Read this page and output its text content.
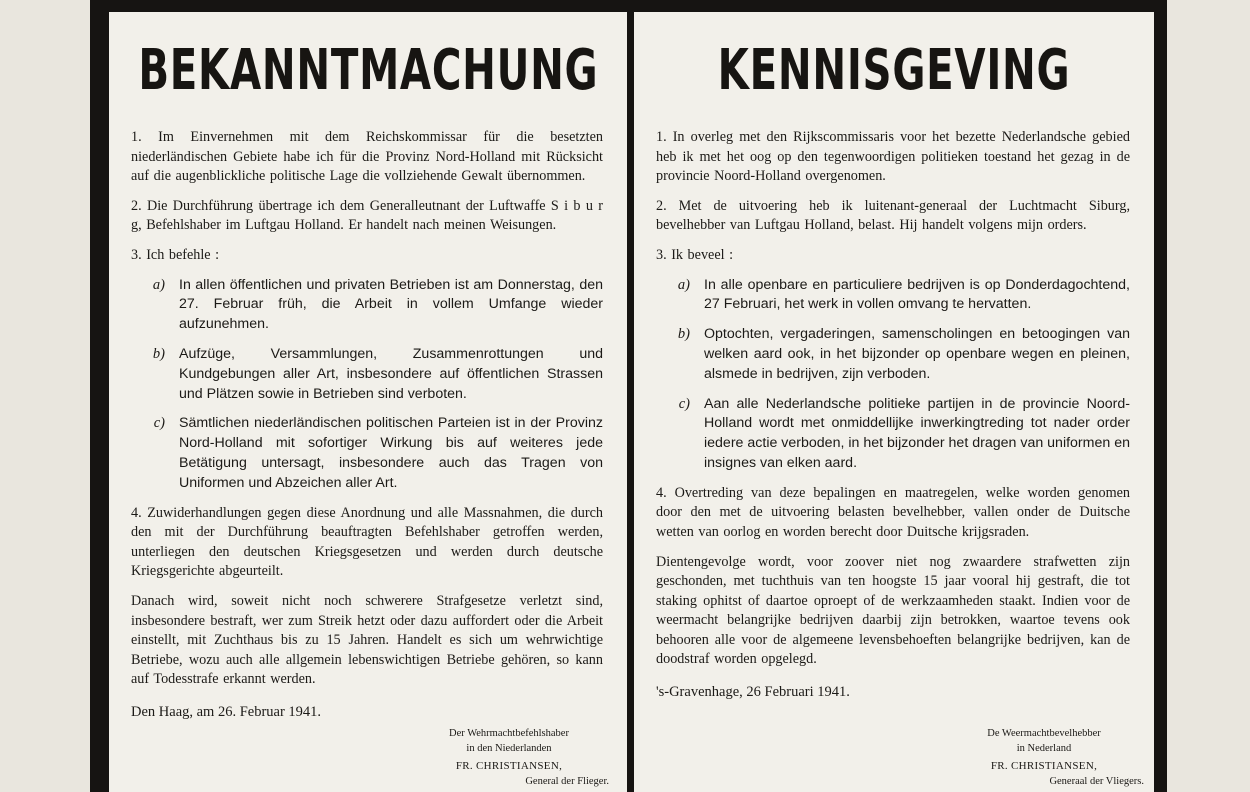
BEKANNTMACHUNG

1. Im Einvernehmen mit dem Reichskommissar für die besetzten niederländischen Gebiete habe ich für die Provinz Nord-Holland mit Rücksicht auf die augenblickliche politische Lage die vollziehende Gewalt übernommen.

2. Die Durchführung übertrage ich dem Generalleutnant der Luftwaffe S i b u r g, Befehlshaber im Luftgau Holland. Er handelt nach meinen Weisungen.

3. Ich befehle :

a) In allen öffentlichen und privaten Betrieben ist am Donnerstag, den 27. Februar früh, die Arbeit in vollem Umfange wieder aufzunehmen.
b) Aufzüge, Versammlungen, Zusammenrottungen und Kundgebungen aller Art, insbesondere auf öffentlichen Strassen und Plätzen sowie in Betrieben sind verboten.
c) Sämtlichen niederländischen politischen Parteien ist in der Provinz Nord-Holland mit sofortiger Wirkung bis auf weiteres jede Betätigung untersagt, insbesondere auch das Tragen von Uniformen und Abzeichen aller Art.

4. Zuwiderhandlungen gegen diese Anordnung und alle Massnahmen, die durch den mit der Durchführung beauftragten Befehlshaber getroffen werden, unterliegen den deutschen Kriegsgesetzen und werden durch deutsche Kriegsgerichte abgeurteilt.

Danach wird, soweit nicht noch schwerere Strafgesetze verletzt sind, insbesondere bestraft, wer zum Streik hetzt oder dazu auffordert oder die Arbeit einstellt, mit Zuchthaus bis zu 15 Jahren. Handelt es sich um wehrwichtige Betriebe, wozu auch alle allgemein lebenswichtigen Betriebe gehören, so kann auf Todesstrafe erkannt werden.

Den Haag, am 26. Februar 1941.
Der Wehrmachtbefehlshaber
in den Niederlanden
FR. CHRISTIANSEN,
General der Flieger.
KENNISGEVING

1. In overleg met den Rijkscommissaris voor het bezette Nederlandsche gebied heb ik met het oog op den tegenwoordigen politieken toestand het gezag in de provincie Noord-Holland overgenomen.

2. Met de uitvoering heb ik luitenant-generaal der Luchtmacht Siburg, bevelhebber van Luftgau Holland, belast. Hij handelt volgens mijn orders.

3. Ik beveel :

a) In alle openbare en particuliere bedrijven is op Donderdagochtend, 27 Februari, het werk in vollen omvang te hervatten.
b) Optochten, vergaderingen, samenscholingen en betoogingen van welken aard ook, in het bijzonder op openbare wegen en pleinen, alsmede in bedrijven, zijn verboden.
c) Aan alle Nederlandsche politieke partijen in de provincie Noord-Holland wordt met onmiddellijke inwerkingtreding tot nader order iedere actie verboden, in het bijzonder het dragen van uniformen en insignes van elken aard.

4. Overtreding van deze bepalingen en maatregelen, welke worden genomen door den met de uitvoering belasten bevelhebber, vallen onder de Duitsche wetten van oorlog en worden berecht door Duitsche krijgsraden.

Dientengevolge wordt, voor zoover niet nog zwaardere strafwetten zijn geschonden, met tuchthuis van ten hoogste 15 jaar vooral hij gestraft, die tot staking ophitst of daartoe oproept of de werkzaamheden staakt. Indien voor de weermacht belangrijke bedrijven daarbij zijn betrokken, waartoe tevens ook behooren alle voor de algemeene levensbehoeften belangrijke bedrijven, kan de doodstraf worden opgelegd.

's-Gravenhage, 26 Februari 1941.
De Weermachtbevelhebber
in Nederland
FR. CHRISTIANSEN,
Generaal der Vliegers.
